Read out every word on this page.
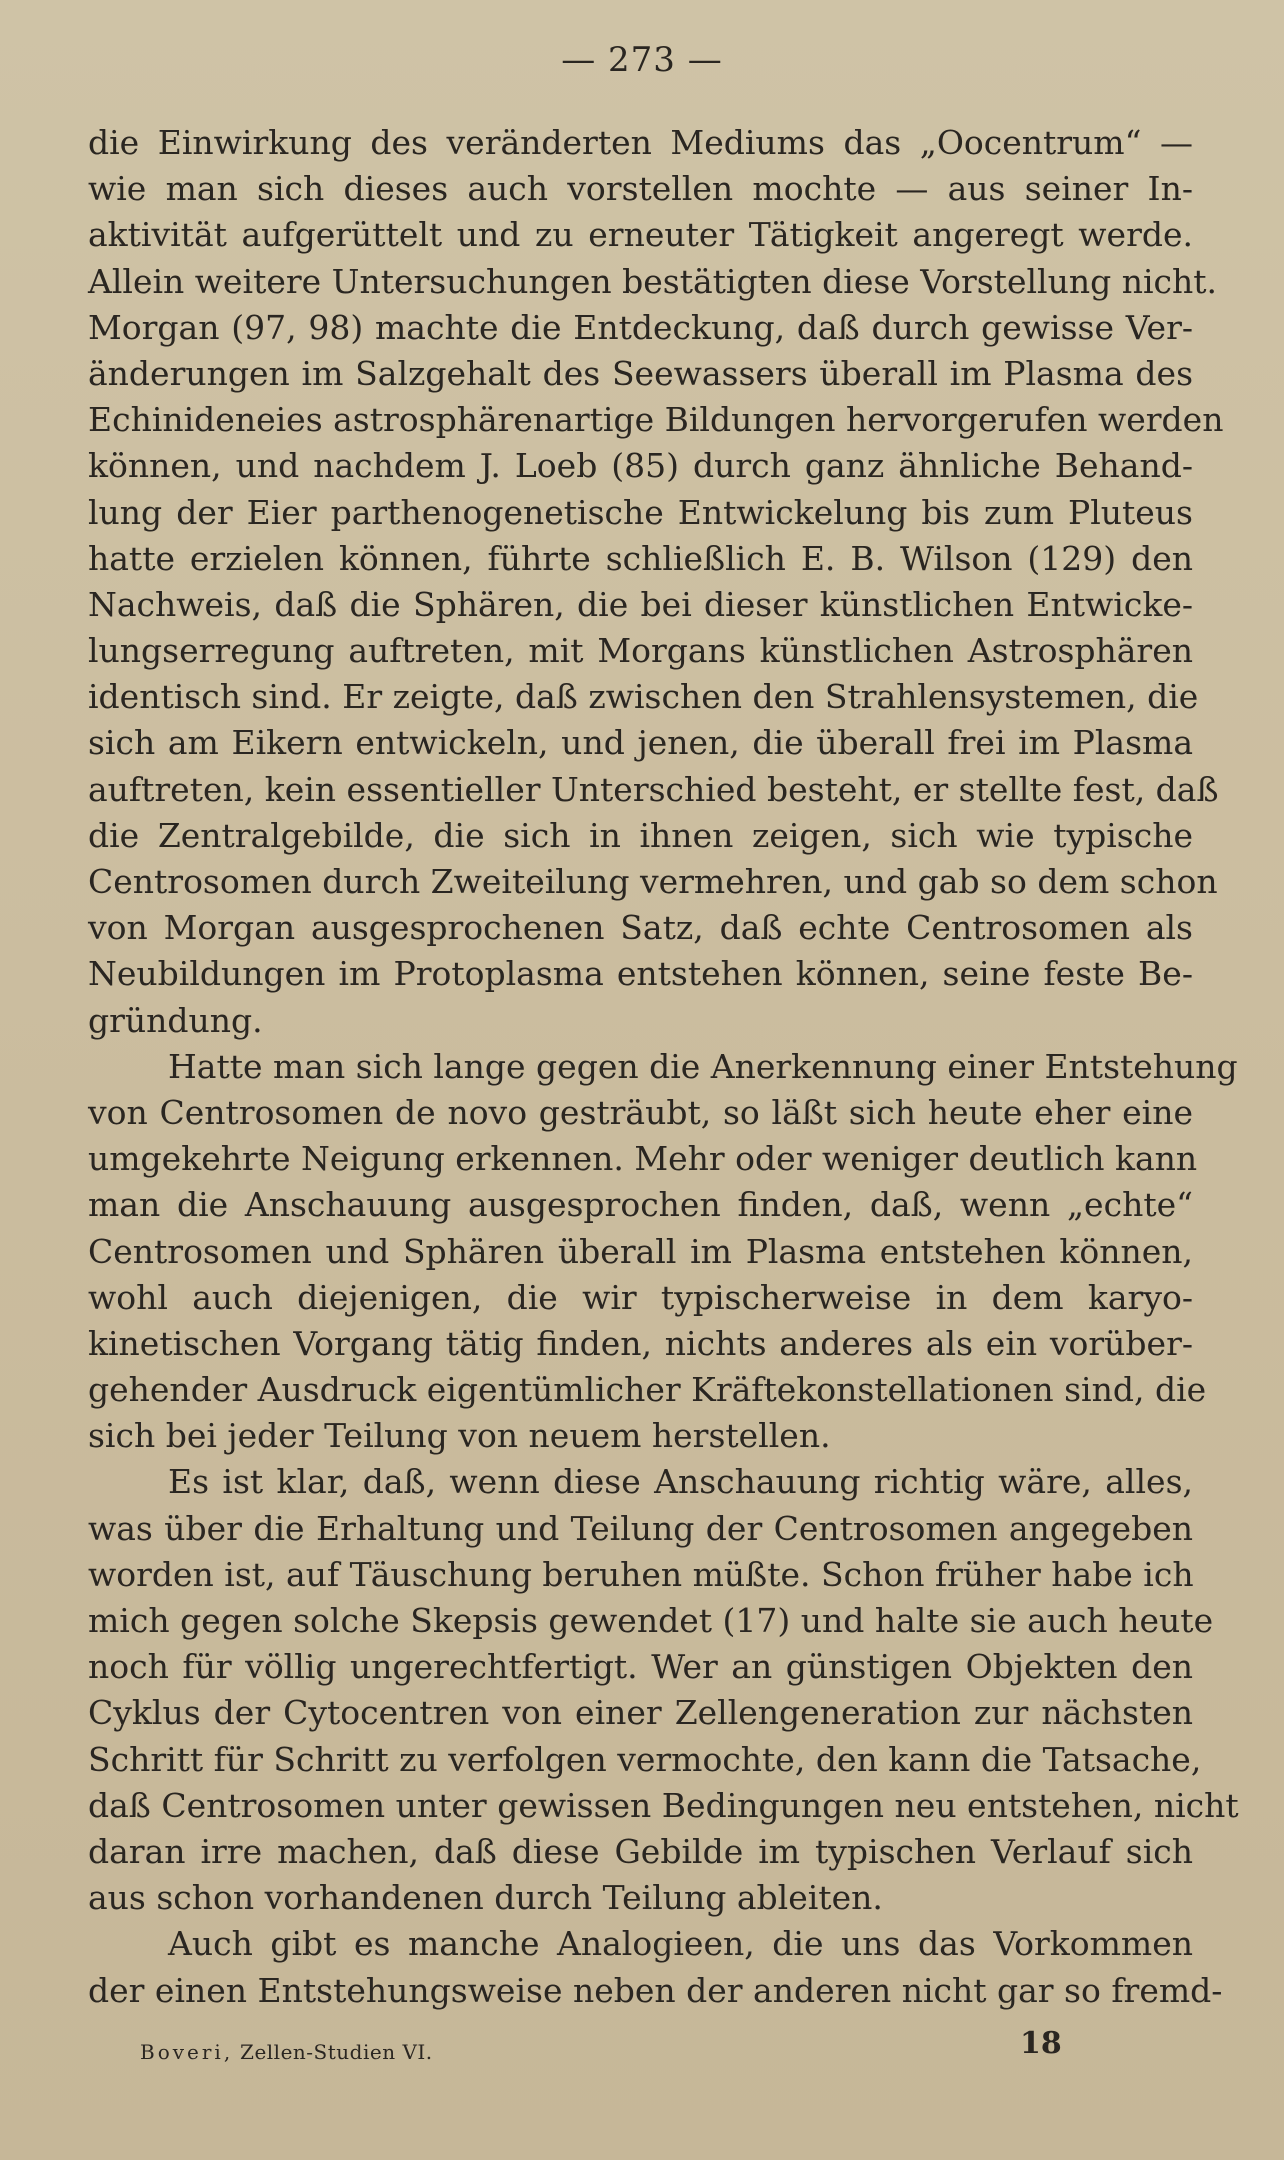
— 273 —
die Einwirkung des veränderten Mediums das „Oocentrum“ —
wie man sich dieses auch vorstellen mochte — aus seiner In-
aktivität aufgerüttelt und zu erneuter Tätigkeit angeregt werde.
Allein weitere Untersuchungen bestätigten diese Vorstellung nicht.
Morgan (97, 98) machte die Entdeckung, daß durch gewisse Ver-
änderungen im Salzgehalt des Seewassers überall im Plasma des
Echinideneies astrosphärenartige Bildungen hervorgerufen werden
können, und nachdem J. Loeb (85) durch ganz ähnliche Behand-
lung der Eier parthenogenetische Entwickelung bis zum Pluteus
hatte erzielen können, führte schließlich E. B. Wilson (129) den
Nachweis, daß die Sphären, die bei dieser künstlichen Entwicke-
lungserregung auftreten, mit Morgans künstlichen Astrosphären
identisch sind. Er zeigte, daß zwischen den Strahlensystemen, die
sich am Eikern entwickeln, und jenen, die überall frei im Plasma
auftreten, kein essentieller Unterschied besteht, er stellte fest, daß
die Zentralgebilde, die sich in ihnen zeigen, sich wie typische
Centrosomen durch Zweiteilung vermehren, und gab so dem schon
von Morgan ausgesprochenen Satz, daß echte Centrosomen als
Neubildungen im Protoplasma entstehen können, seine feste Be-
gründung.
Hatte man sich lange gegen die Anerkennung einer Entstehung
von Centrosomen de novo gesträubt, so läßt sich heute eher eine
umgekehrte Neigung erkennen. Mehr oder weniger deutlich kann
man die Anschauung ausgesprochen finden, daß, wenn „echte“
Centrosomen und Sphären überall im Plasma entstehen können,
wohl auch diejenigen, die wir typischerweise in dem karyo-
kinetischen Vorgang tätig finden, nichts anderes als ein vorüber-
gehender Ausdruck eigentümlicher Kräftekonstellationen sind, die
sich bei jeder Teilung von neuem herstellen.
Es ist klar, daß, wenn diese Anschauung richtig wäre, alles,
was über die Erhaltung und Teilung der Centrosomen angegeben
worden ist, auf Täuschung beruhen müßte. Schon früher habe ich
mich gegen solche Skepsis gewendet (17) und halte sie auch heute
noch für völlig ungerechtfertigt. Wer an günstigen Objekten den
Cyklus der Cytocentren von einer Zellengeneration zur nächsten
Schritt für Schritt zu verfolgen vermochte, den kann die Tatsache,
daß Centrosomen unter gewissen Bedingungen neu entstehen, nicht
daran irre machen, daß diese Gebilde im typischen Verlauf sich
aus schon vorhandenen durch Teilung ableiten.
Auch gibt es manche Analogieen, die uns das Vorkommen
der einen Entstehungsweise neben der anderen nicht gar so fremd-
18
Boveri, Zellen-Studien VI.
